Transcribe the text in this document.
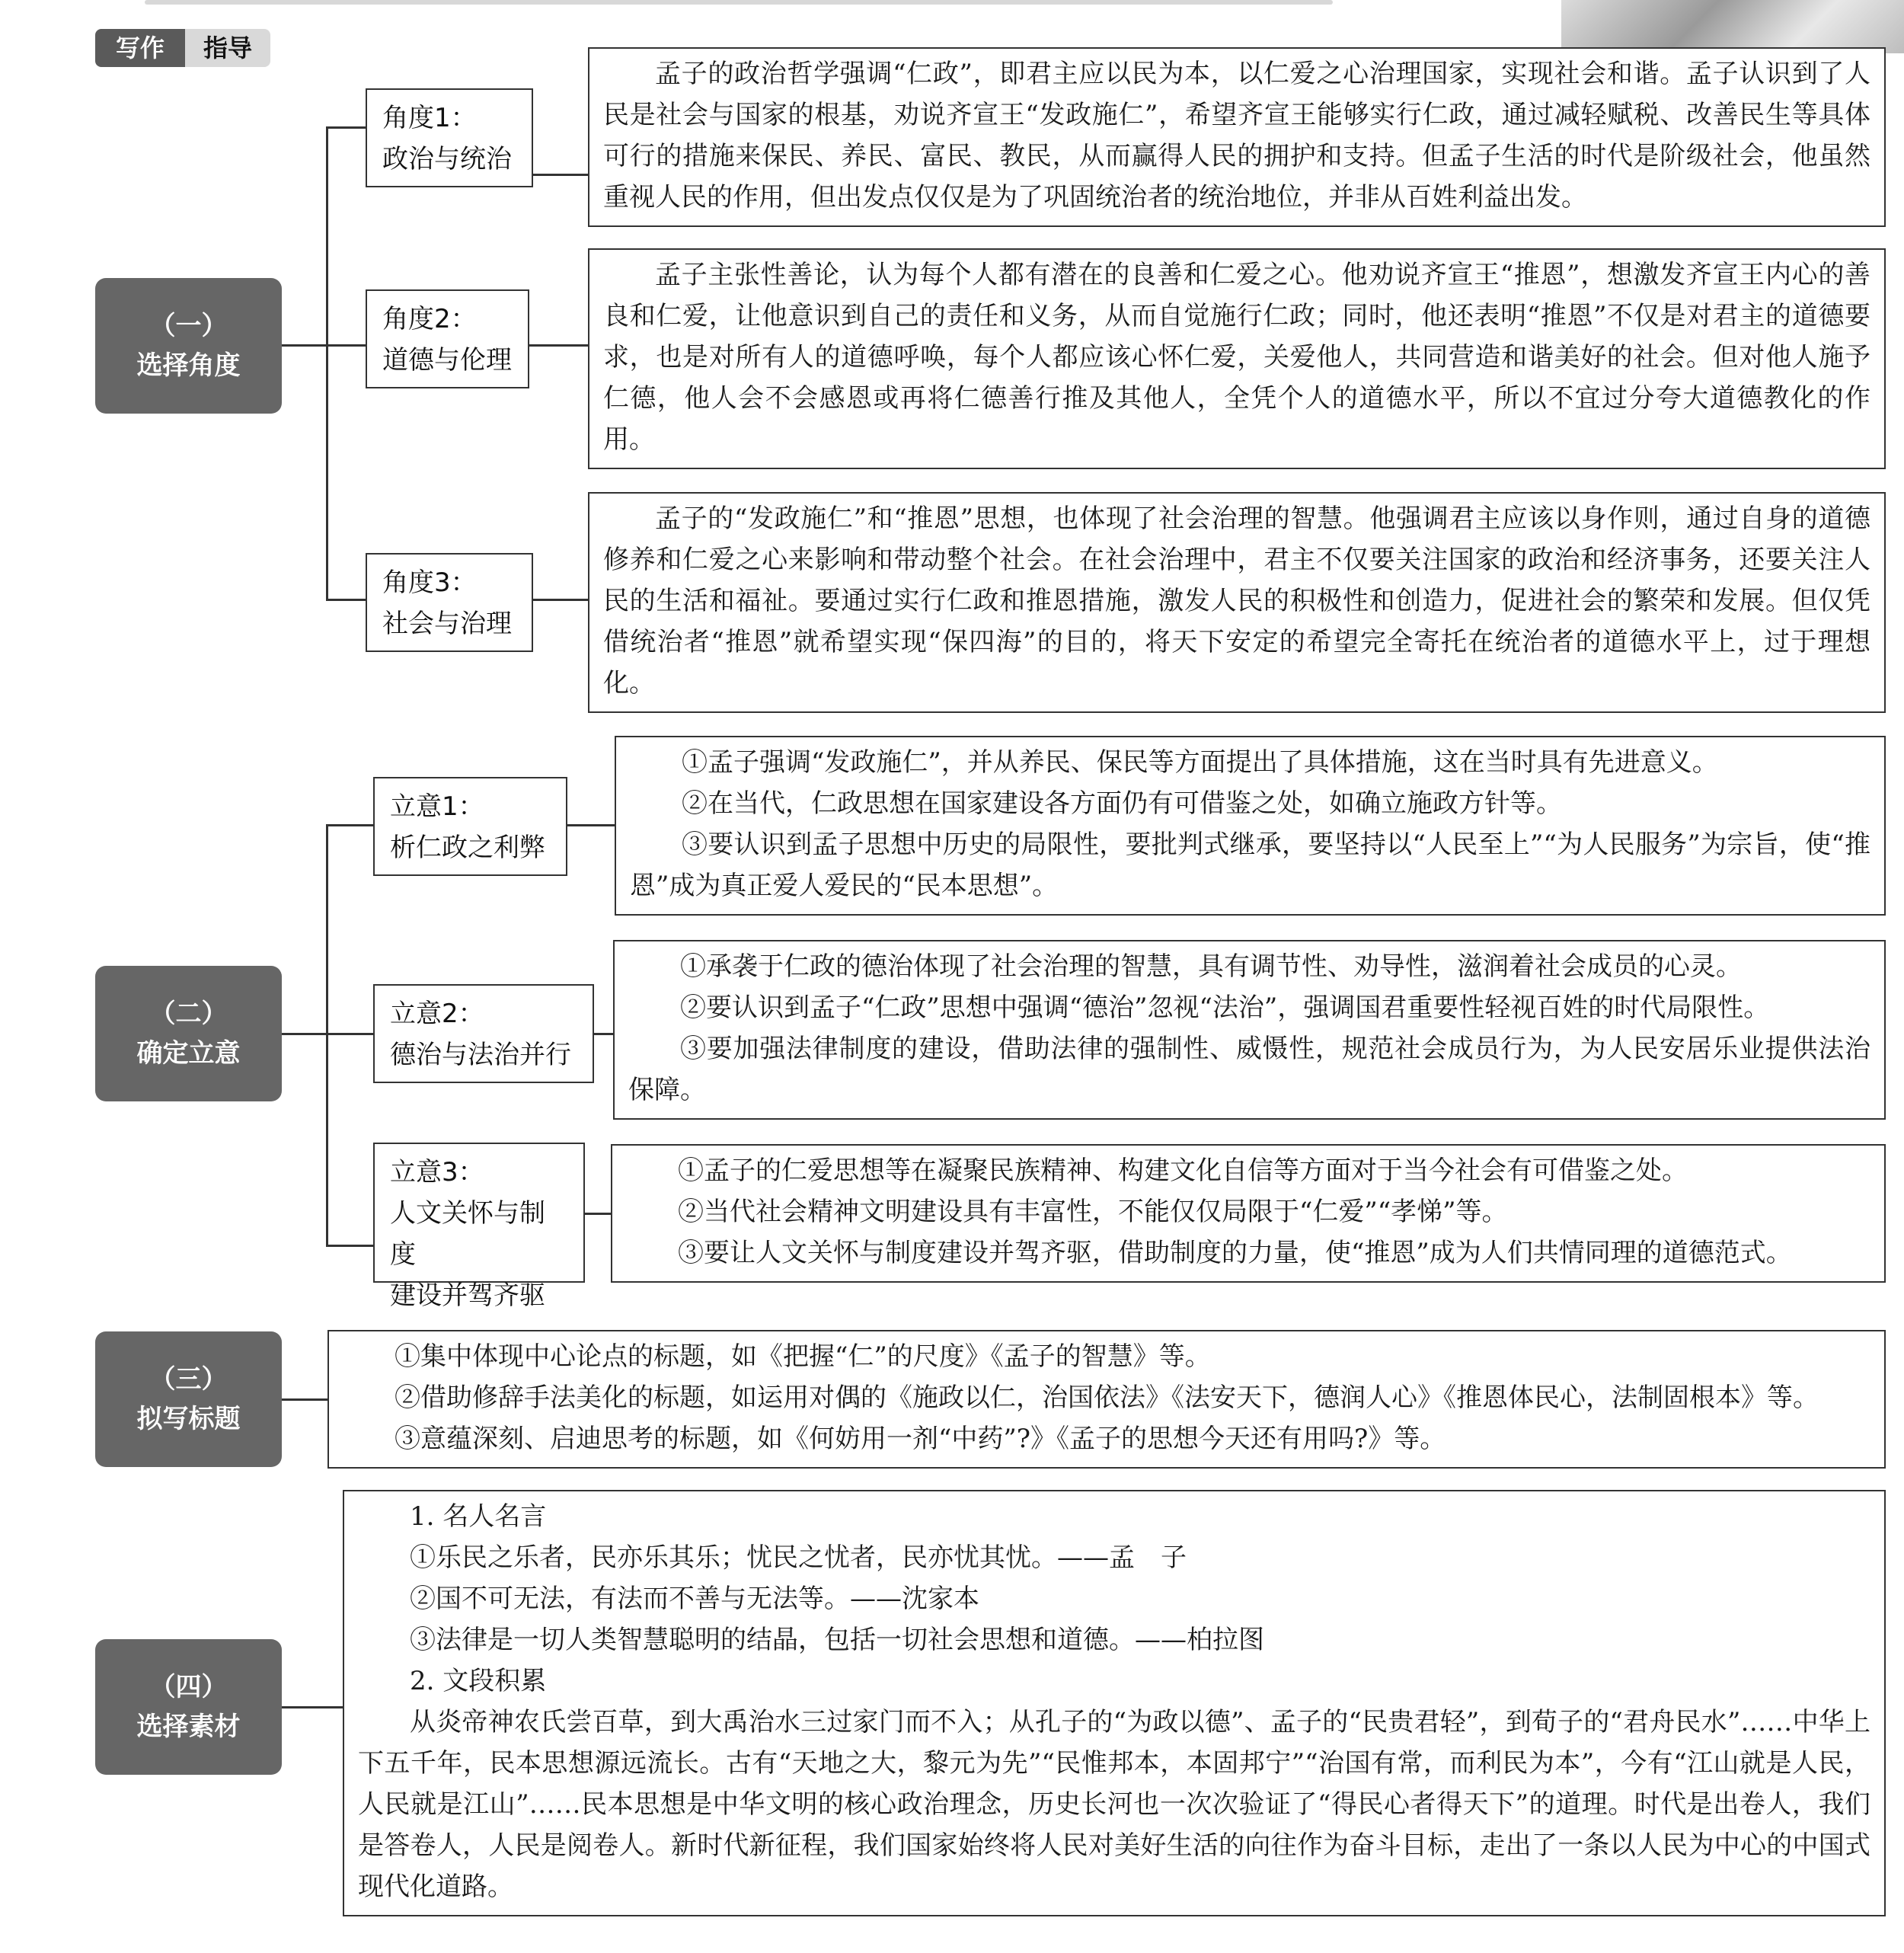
写作	指导
（一）
选择角度
角度1：
政治与统治
角度2：
道德与伦理
角度3：
社会与治理

孟子的政治哲学强调“仁政”，即君主应以民为本，以仁爱之心治理国家，实现社会和谐。孟子认识到了人民是社会与国家的根基，劝说齐宣王“发政施仁”，希望齐宣王能够实行仁政，通过减轻赋税、改善民生等具体可行的措施来保民、养民、富民、教民，从而赢得人民的拥护和支持。但孟子生活的时代是阶级社会，他虽然重视人民的作用，但出发点仅仅是为了巩固统治者的统治地位，并非从百姓利益出发。

孟子主张性善论，认为每个人都有潜在的良善和仁爱之心。他劝说齐宣王“推恩”，想激发齐宣王内心的善良和仁爱，让他意识到自己的责任和义务，从而自觉施行仁政；同时，他还表明“推恩”不仅是对君主的道德要求，也是对所有人的道德呼唤，每个人都应该心怀仁爱，关爱他人，共同营造和谐美好的社会。但对他人施予仁德，他人会不会感恩或再将仁德善行推及其他人，全凭个人的道德水平，所以不宜过分夸大道德教化的作用。

孟子的“发政施仁”和“推恩”思想，也体现了社会治理的智慧。他强调君主应该以身作则，通过自身的道德修养和仁爱之心来影响和带动整个社会。在社会治理中，君主不仅要关注国家的政治和经济事务，还要关注人民的生活和福祉。要通过实行仁政和推恩措施，激发人民的积极性和创造力，促进社会的繁荣和发展。但仅凭借统治者“推恩”就希望实现“保四海”的目的，将天下安定的希望完全寄托在统治者的道德水平上，过于理想化。

（二）
确定立意
立意1：
析仁政之利弊
立意2：
德治与法治并行
立意3：
人文关怀与制度
建设并驾齐驱

①孟子强调“发政施仁”，并从养民、保民等方面提出了具体措施，这在当时具有先进意义。

②在当代，仁政思想在国家建设各方面仍有可借鉴之处，如确立施政方针等。

③要认识到孟子思想中历史的局限性，要批判式继承，要坚持以“人民至上”“为人民服务”为宗旨，使“推恩”成为真正爱人爱民的“民本思想”。

①承袭于仁政的德治体现了社会治理的智慧，具有调节性、劝导性，滋润着社会成员的心灵。

②要认识到孟子“仁政”思想中强调“德治”忽视“法治”，强调国君重要性轻视百姓的时代局限性。

③要加强法律制度的建设，借助法律的强制性、威慑性，规范社会成员行为，为人民安居乐业提供法治保障。

①孟子的仁爱思想等在凝聚民族精神、构建文化自信等方面对于当今社会有可借鉴之处。

②当代社会精神文明建设具有丰富性，不能仅仅局限于“仁爱”“孝悌”等。

③要让人文关怀与制度建设并驾齐驱，借助制度的力量，使“推恩”成为人们共情同理的道德范式。

（三）
拟写标题

①集中体现中心论点的标题，如《把握“仁”的尺度》《孟子的智慧》等。

②借助修辞手法美化的标题，如运用对偶的《施政以仁，治国依法》《法安天下，德润人心》《推恩体民心，法制固根本》等。

③意蕴深刻、启迪思考的标题，如《何妨用一剂“中药”?》《孟子的思想今天还有用吗?》等。

（四）
选择素材

1. 名人名言

①乐民之乐者，民亦乐其乐；忧民之忧者，民亦忧其忧。——孟　子

②国不可无法，有法而不善与无法等。——沈家本

③法律是一切人类智慧聪明的结晶，包括一切社会思想和道德。——柏拉图

2. 文段积累

从炎帝神农氏尝百草，到大禹治水三过家门而不入；从孔子的“为政以德”、孟子的“民贵君轻”，到荀子的“君舟民水”……中华上下五千年，民本思想源远流长。古有“天地之大，黎元为先”“民惟邦本，本固邦宁”“治国有常，而利民为本”，今有“江山就是人民，人民就是江山”……民本思想是中华文明的核心政治理念，历史长河也一次次验证了“得民心者得天下”的道理。时代是出卷人，我们是答卷人，人民是阅卷人。新时代新征程，我们国家始终将人民对美好生活的向往作为奋斗目标，走出了一条以人民为中心的中国式现代化道路。
